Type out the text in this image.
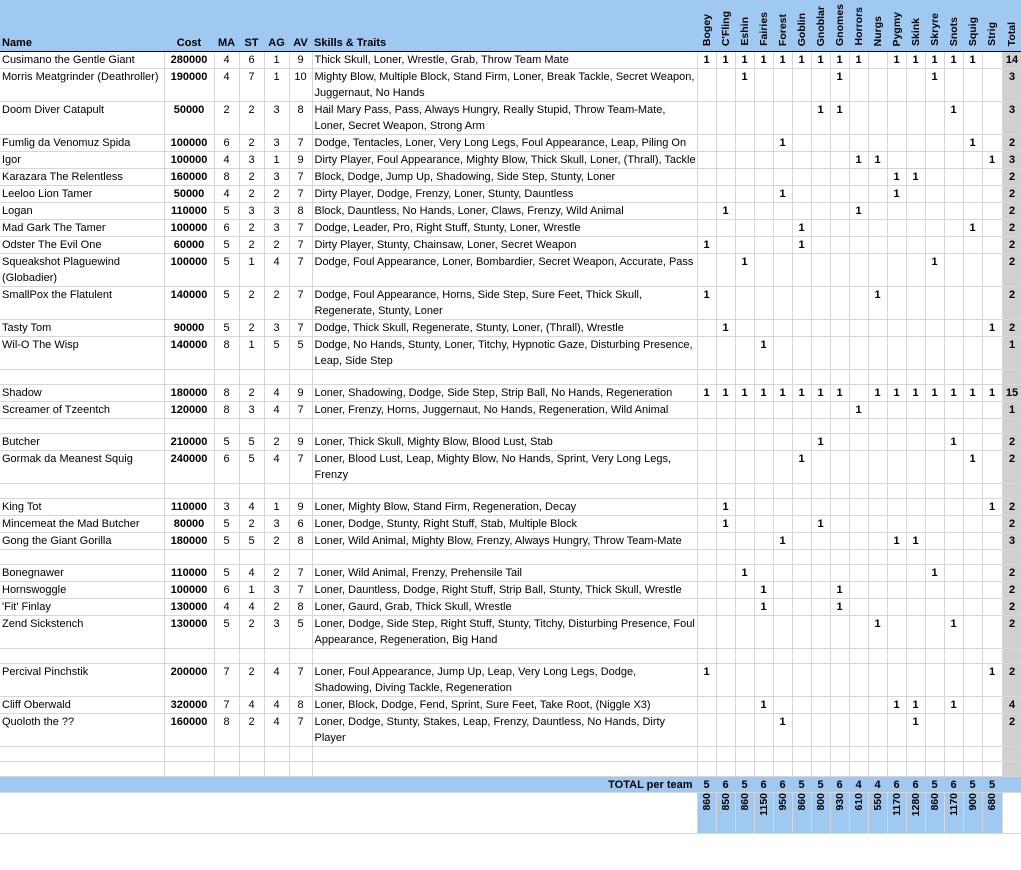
Name	Cost	MA	ST	AG	AV	Skills & Traits	Bogey	C'Fling	Eshin	Fairies	Forest	Goblin	Gnoblar	Gnomes	Horrors	Nurgs	Pygmy	Skink	Skryre	Snots	Squig	Strig	Total
Cusimano the Gentle Giant	280000	4	6	1	9	Thick Skull, Loner, Wrestle, Grab, Throw Team Mate	1	1	1	1	1	1	1	1	1		1	1	1	1	1		14
Morris Meatgrinder (Deathroller)	190000	4	7	1	10	Mighty Blow, Multiple Block, Stand Firm, Loner, Break Tackle, Secret Weapon, Juggernaut, No Hands			1					1					1				3
Doom Diver Catapult	50000	2	2	3	8	Hail Mary Pass, Pass, Always Hungry, Really Stupid, Throw Team-Mate, Loner, Secret Weapon, Strong Arm							1	1						1			3
Fumlig da Venomuz Spida	100000	6	2	3	7	Dodge, Tentacles, Loner, Very Long Legs, Foul Appearance, Leap, Piling On					1										1		2
Igor	100000	4	3	1	9	Dirty Player, Foul Appearance, Mighty Blow, Thick Skull, Loner, (Thrall), Tackle									1	1						1	3
Karazara The Relentless	160000	8	2	3	7	Block, Dodge, Jump Up, Shadowing, Side Step, Stunty, Loner											1	1					2
Leeloo Lion Tamer	50000	4	2	2	7	Dirty Player, Dodge, Frenzy, Loner, Stunty, Dauntless					1						1						2
Logan	110000	5	3	3	8	Block, Dauntless, No Hands, Loner, Claws, Frenzy, Wild Animal		1							1								2
Mad Gark The Tamer	100000	6	2	3	7	Dodge, Leader, Pro, Right Stuff, Stunty, Loner, Wrestle						1									1		2
Odster The Evil One	60000	5	2	2	7	Dirty Player, Stunty, Chainsaw, Loner, Secret Weapon	1					1											2
Squeakshot Plaguewind (Globadier)	100000	5	1	4	7	Dodge, Foul Appearance, Loner, Bombardier, Secret Weapon, Accurate, Pass			1										1				2
SmallPox the Flatulent	140000	5	2	2	7	Dodge, Foul Appearance, Horns, Side Step, Sure Feet, Thick Skull, Regenerate, Stunty, Loner	1									1							2
Tasty Tom	90000	5	2	3	7	Dodge, Thick Skull, Regenerate, Stunty, Loner, (Thrall), Wrestle		1														1	2
Wil-O The Wisp	140000	8	1	5	5	Dodge, No Hands, Stunty, Loner, Titchy, Hypnotic Gaze, Disturbing Presence, Leap, Side Step				1													1

Shadow	180000	8	2	4	9	Loner, Shadowing, Dodge, Side Step, Strip Ball, No Hands, Regeneration	1	1	1	1	1	1	1	1		1	1	1	1	1	1	1	15
Screamer of Tzeentch	120000	8	3	4	7	Loner, Frenzy, Horns, Juggernaut, No Hands, Regeneration, Wild Animal									1								1

Butcher	210000	5	5	2	9	Loner, Thick Skull, Mighty Blow, Blood Lust, Stab							1							1			2
Gormak da Meanest Squig	240000	6	5	4	7	Loner, Blood Lust, Leap, Mighty Blow, No Hands, Sprint, Very Long Legs, Frenzy						1									1		2

King Tot	110000	3	4	1	9	Loner, Mighty Blow, Stand Firm, Regeneration, Decay		1														1	2
Mincemeat the Mad Butcher	80000	5	2	3	6	Loner, Dodge, Stunty, Right Stuff, Stab, Multiple Block		1					1										2
Gong the Giant Gorilla	180000	5	5	2	8	Loner, Wild Animal, Mighty Blow, Frenzy, Always Hungry, Throw Team-Mate					1						1	1					3

Bonegnawer	110000	5	4	2	7	Loner, Wild Animal, Frenzy, Prehensile Tail			1										1				2
Hornswoggle	100000	6	1	3	7	Loner, Dauntless, Dodge, Right Stuff, Strip Ball, Stunty, Thick Skull, Wrestle				1				1									2
'Fit' Finlay	130000	4	4	2	8	Loner, Gaurd, Grab, Thick Skull, Wrestle				1				1									2
Zend Sickstench	130000	5	2	3	5	Loner, Dodge, Side Step, Right Stuff, Stunty, Titchy, Disturbing Presence, Foul Appearance, Regeneration, Big Hand										1				1			2

Percival Pinchstik	200000	7	2	4	7	Loner, Foul Appearance, Jump Up, Leap, Very Long Legs, Dodge, Shadowing, Diving Tackle, Regeneration	1															1	2
Cliff Oberwald	320000	7	4	4	8	Loner, Block, Dodge, Fend, Sprint, Sure Feet, Take Root, (Niggle X3)				1							1	1		1			4
Quoloth the ??	160000	8	2	4	7	Loner, Dodge, Stunty, Stakes, Leap, Frenzy, Dauntless, No Hands, Dirty Player					1							1					2

TOTAL per team							5	6	5	6	6	5	5	6	4	4	6	6	5	6	5	5	
							860	850	860	1150	950	860	800	930	610	550	1170	1280	860	1170	900	680	
